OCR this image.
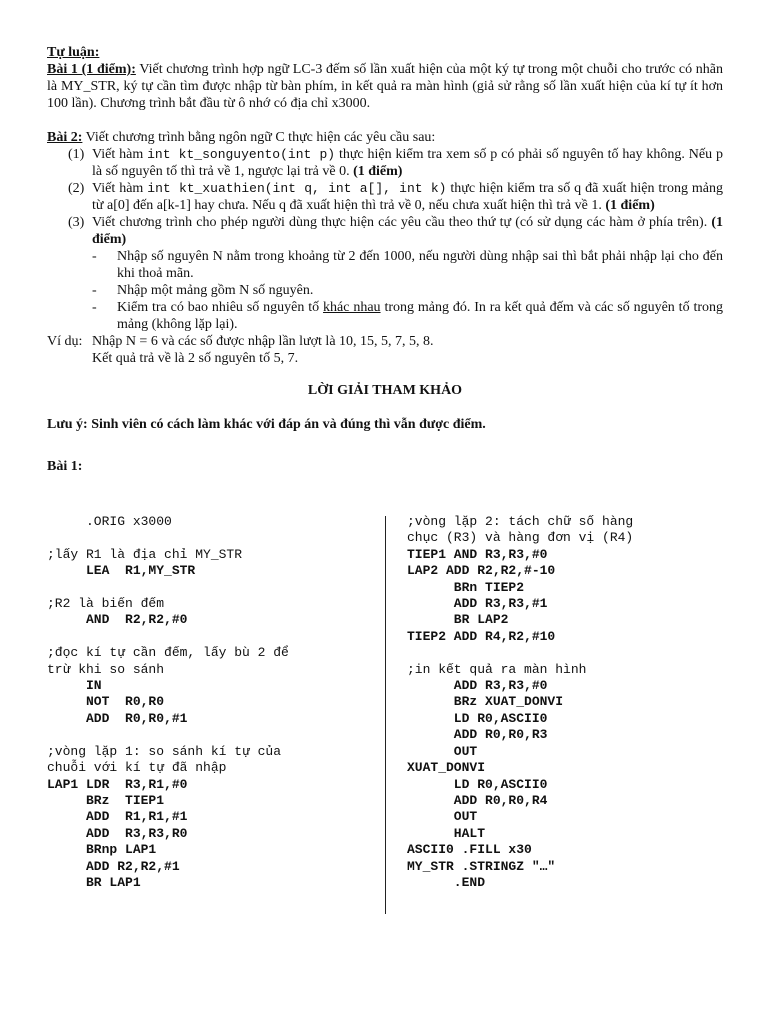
Tự luận:

Bài 1 (1 điểm): Viết chương trình hợp ngữ LC-3 đếm số lần xuất hiện của một ký tự trong một chuỗi cho trước có nhãn là MY_STR, ký tự cần tìm được nhập từ bàn phím, in kết quả ra màn hình (giả sử rằng số lần xuất hiện của kí tự ít hơn 100 lần). Chương trình bắt đầu từ ô nhớ có địa chỉ x3000.

Bài 2: Viết chương trình bằng ngôn ngữ C thực hiện các yêu cầu sau:

(1) Viết hàm int kt_songuyento(int p) thực hiện kiểm tra xem số p có phải số nguyên tố hay không. Nếu p là số nguyên tố thì trả về 1, ngược lại trả về 0. (1 điểm)
(2) Viết hàm int kt_xuathien(int q, int a[], int k) thực hiện kiểm tra số q đã xuất hiện trong mảng từ a[0] đến a[k-1] hay chưa. Nếu q đã xuất hiện thì trả về 0, nếu chưa xuất hiện thì trả về 1. (1 điểm)
(3) Viết chương trình cho phép người dùng thực hiện các yêu cầu theo thứ tự (có sử dụng các hàm ở phía trên). (1 điểm)
- Nhập số nguyên N nằm trong khoảng từ 2 đến 1000, nếu người dùng nhập sai thì bắt phải nhập lại cho đến khi thoả mãn.
- Nhập một mảng gồm N số nguyên.
- Kiểm tra có bao nhiêu số nguyên tố khác nhau trong mảng đó. In ra kết quả đếm và các số nguyên tố trong mảng (không lặp lại).
Ví dụ: Nhập N = 6 và các số được nhập lần lượt là 10, 15, 5, 7, 5, 8.
Kết quả trả về là 2 số nguyên tố 5, 7.
LỜI GIẢI THAM KHẢO
Lưu ý: Sinh viên có cách làm khác với đáp án và đúng thì vẫn được điểm.
Bài 1:
.ORIG x3000

;lấy R1 là địa chỉ MY_STR
LEA  R1,MY_STR

;R2 là biến đếm
AND  R2,R2,#0

;đọc kí tự cần đếm, lấy bù 2 để
trừ khi so sánh
IN
NOT  R0,R0
ADD  R0,R0,#1

;vòng lặp 1: so sánh kí tự của
chuỗi với kí tự đã nhập
LAP1 LDR  R3,R1,#0
BRz  TIEP1
ADD  R1,R1,#1
ADD  R3,R3,R0
BRnp LAP1
ADD R2,R2,#1
BR LAP1

;vòng lặp 2: tách chữ số hàng
chục (R3) và hàng đơn vị (R4)
TIEP1 AND R3,R3,#0
LAP2 ADD R2,R2,#-10
BRn TIEP2
ADD R3,R3,#1
BR LAP2
TIEP2 ADD R4,R2,#10

;in kết quả ra màn hình
ADD R3,R3,#0
BRz XUAT_DONVI
LD R0,ASCII0
ADD R0,R0,R3
OUT
XUAT_DONVI
LD R0,ASCII0
ADD R0,R0,R4
OUT
HALT
ASCII0 .FILL x30
MY_STR .STRINGZ "…"
.END
